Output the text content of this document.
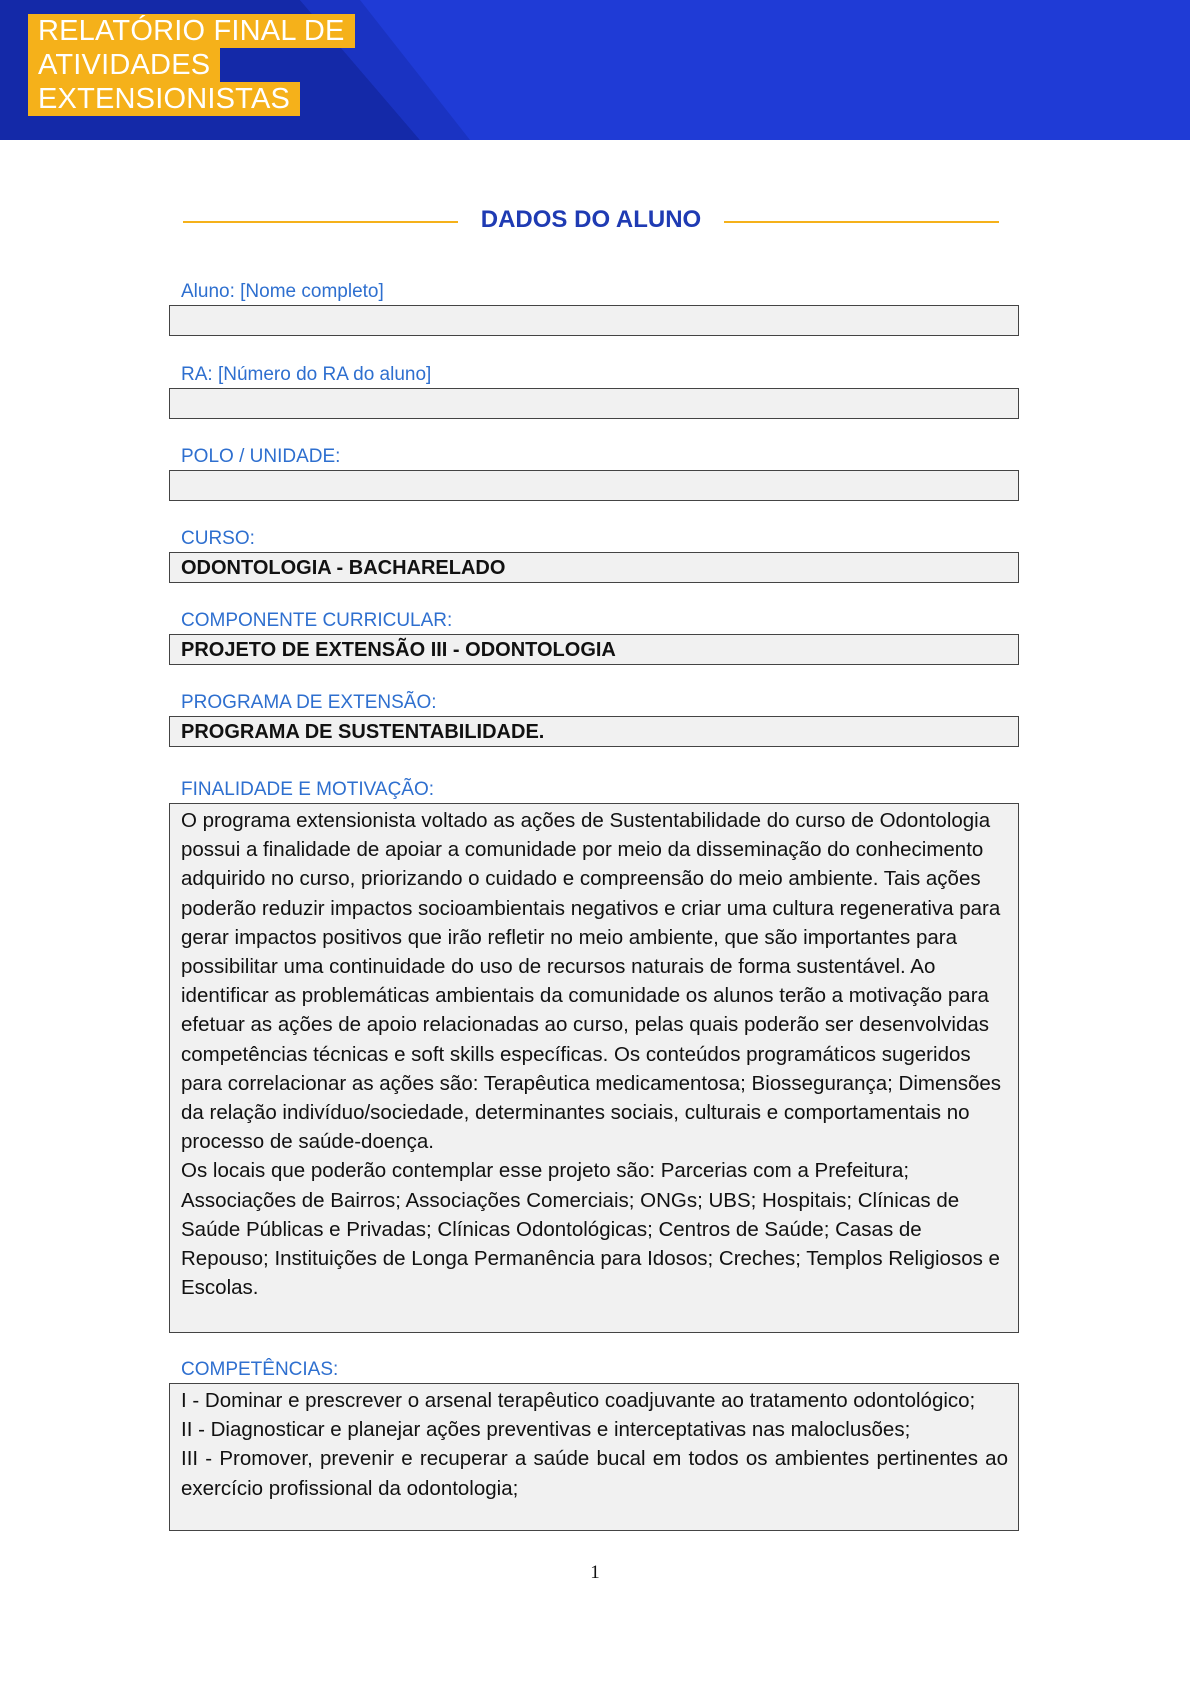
RELATÓRIO FINAL DE
ATIVIDADES
EXTENSIONISTAS
DADOS DO ALUNO
Aluno: [Nome completo]
RA: [Número do RA do aluno]
POLO / UNIDADE:
CURSO:
ODONTOLOGIA - BACHARELADO
COMPONENTE CURRICULAR:
PROJETO DE EXTENSÃO III - ODONTOLOGIA
PROGRAMA DE EXTENSÃO:
PROGRAMA DE SUSTENTABILIDADE.
FINALIDADE E MOTIVAÇÃO:

O programa extensionista voltado as ações de Sustentabilidade do curso de Odontologia possui a finalidade de apoiar a comunidade por meio da disseminação do conhecimento adquirido no curso, priorizando o cuidado e compreensão do meio ambiente. Tais ações poderão reduzir impactos socioambientais negativos e criar uma cultura regenerativa para gerar impactos positivos que irão refletir no meio ambiente, que são importantes para possibilitar uma continuidade do uso de recursos naturais de forma sustentável. Ao identificar as problemáticas ambientais da comunidade os alunos terão a motivação para efetuar as ações de apoio relacionadas ao curso, pelas quais poderão ser desenvolvidas competências técnicas e soft skills específicas. Os conteúdos programáticos sugeridos para correlacionar as ações são: Terapêutica medicamentosa; Biossegurança; Dimensões da relação indivíduo/sociedade, determinantes sociais, culturais e comportamentais no processo de saúde-doença.

Os locais que poderão contemplar esse projeto são: Parcerias com a Prefeitura; Associações de Bairros; Associações Comerciais; ONGs; UBS; Hospitais; Clínicas de Saúde Públicas e Privadas; Clínicas Odontológicas; Centros de Saúde; Casas de Repouso; Instituições de Longa Permanência para Idosos; Creches; Templos Religiosos e Escolas.

COMPETÊNCIAS:

I - Dominar e prescrever o arsenal terapêutico coadjuvante ao tratamento odontológico;

II - Diagnosticar e planejar ações preventivas e interceptativas nas maloclusões;

III - Promover, prevenir e recuperar a saúde bucal em todos os ambientes pertinentes ao exercício profissional da odontologia;

1
